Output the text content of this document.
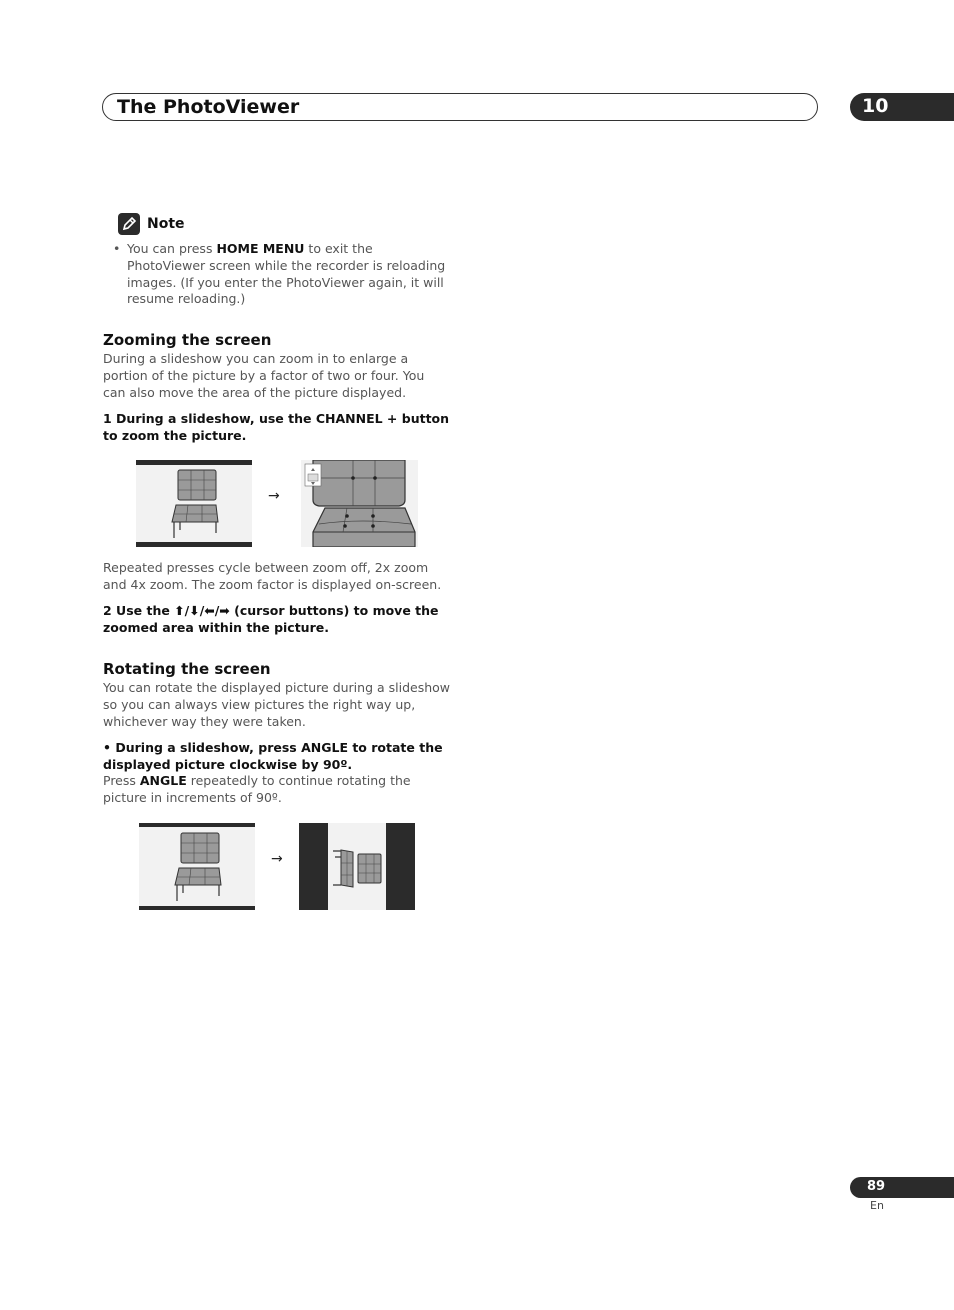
The PhotoViewer	10
Note
• You can press HOME MENU to exit the PhotoViewer screen while the recorder is reloading images. (If you enter the PhotoViewer again, it will resume reloading.)
Zooming the screen
During a slideshow you can zoom in to enlarge a portion of the picture by a factor of two or four. You can also move the area of the picture displayed.
1 During a slideshow, use the CHANNEL + button to zoom the picture.
→
Repeated presses cycle between zoom off, 2x zoom and 4x zoom. The zoom factor is displayed on-screen.
2 Use the ⬆/⬇/⬅/➡ (cursor buttons) to move the zoomed area within the picture.
Rotating the screen
You can rotate the displayed picture during a slideshow so you can always view pictures the right way up, whichever way they were taken.
• During a slideshow, press ANGLE to rotate the displayed picture clockwise by 90º.
Press ANGLE repeatedly to continue rotating the picture in increments of 90º.
→
89
En
